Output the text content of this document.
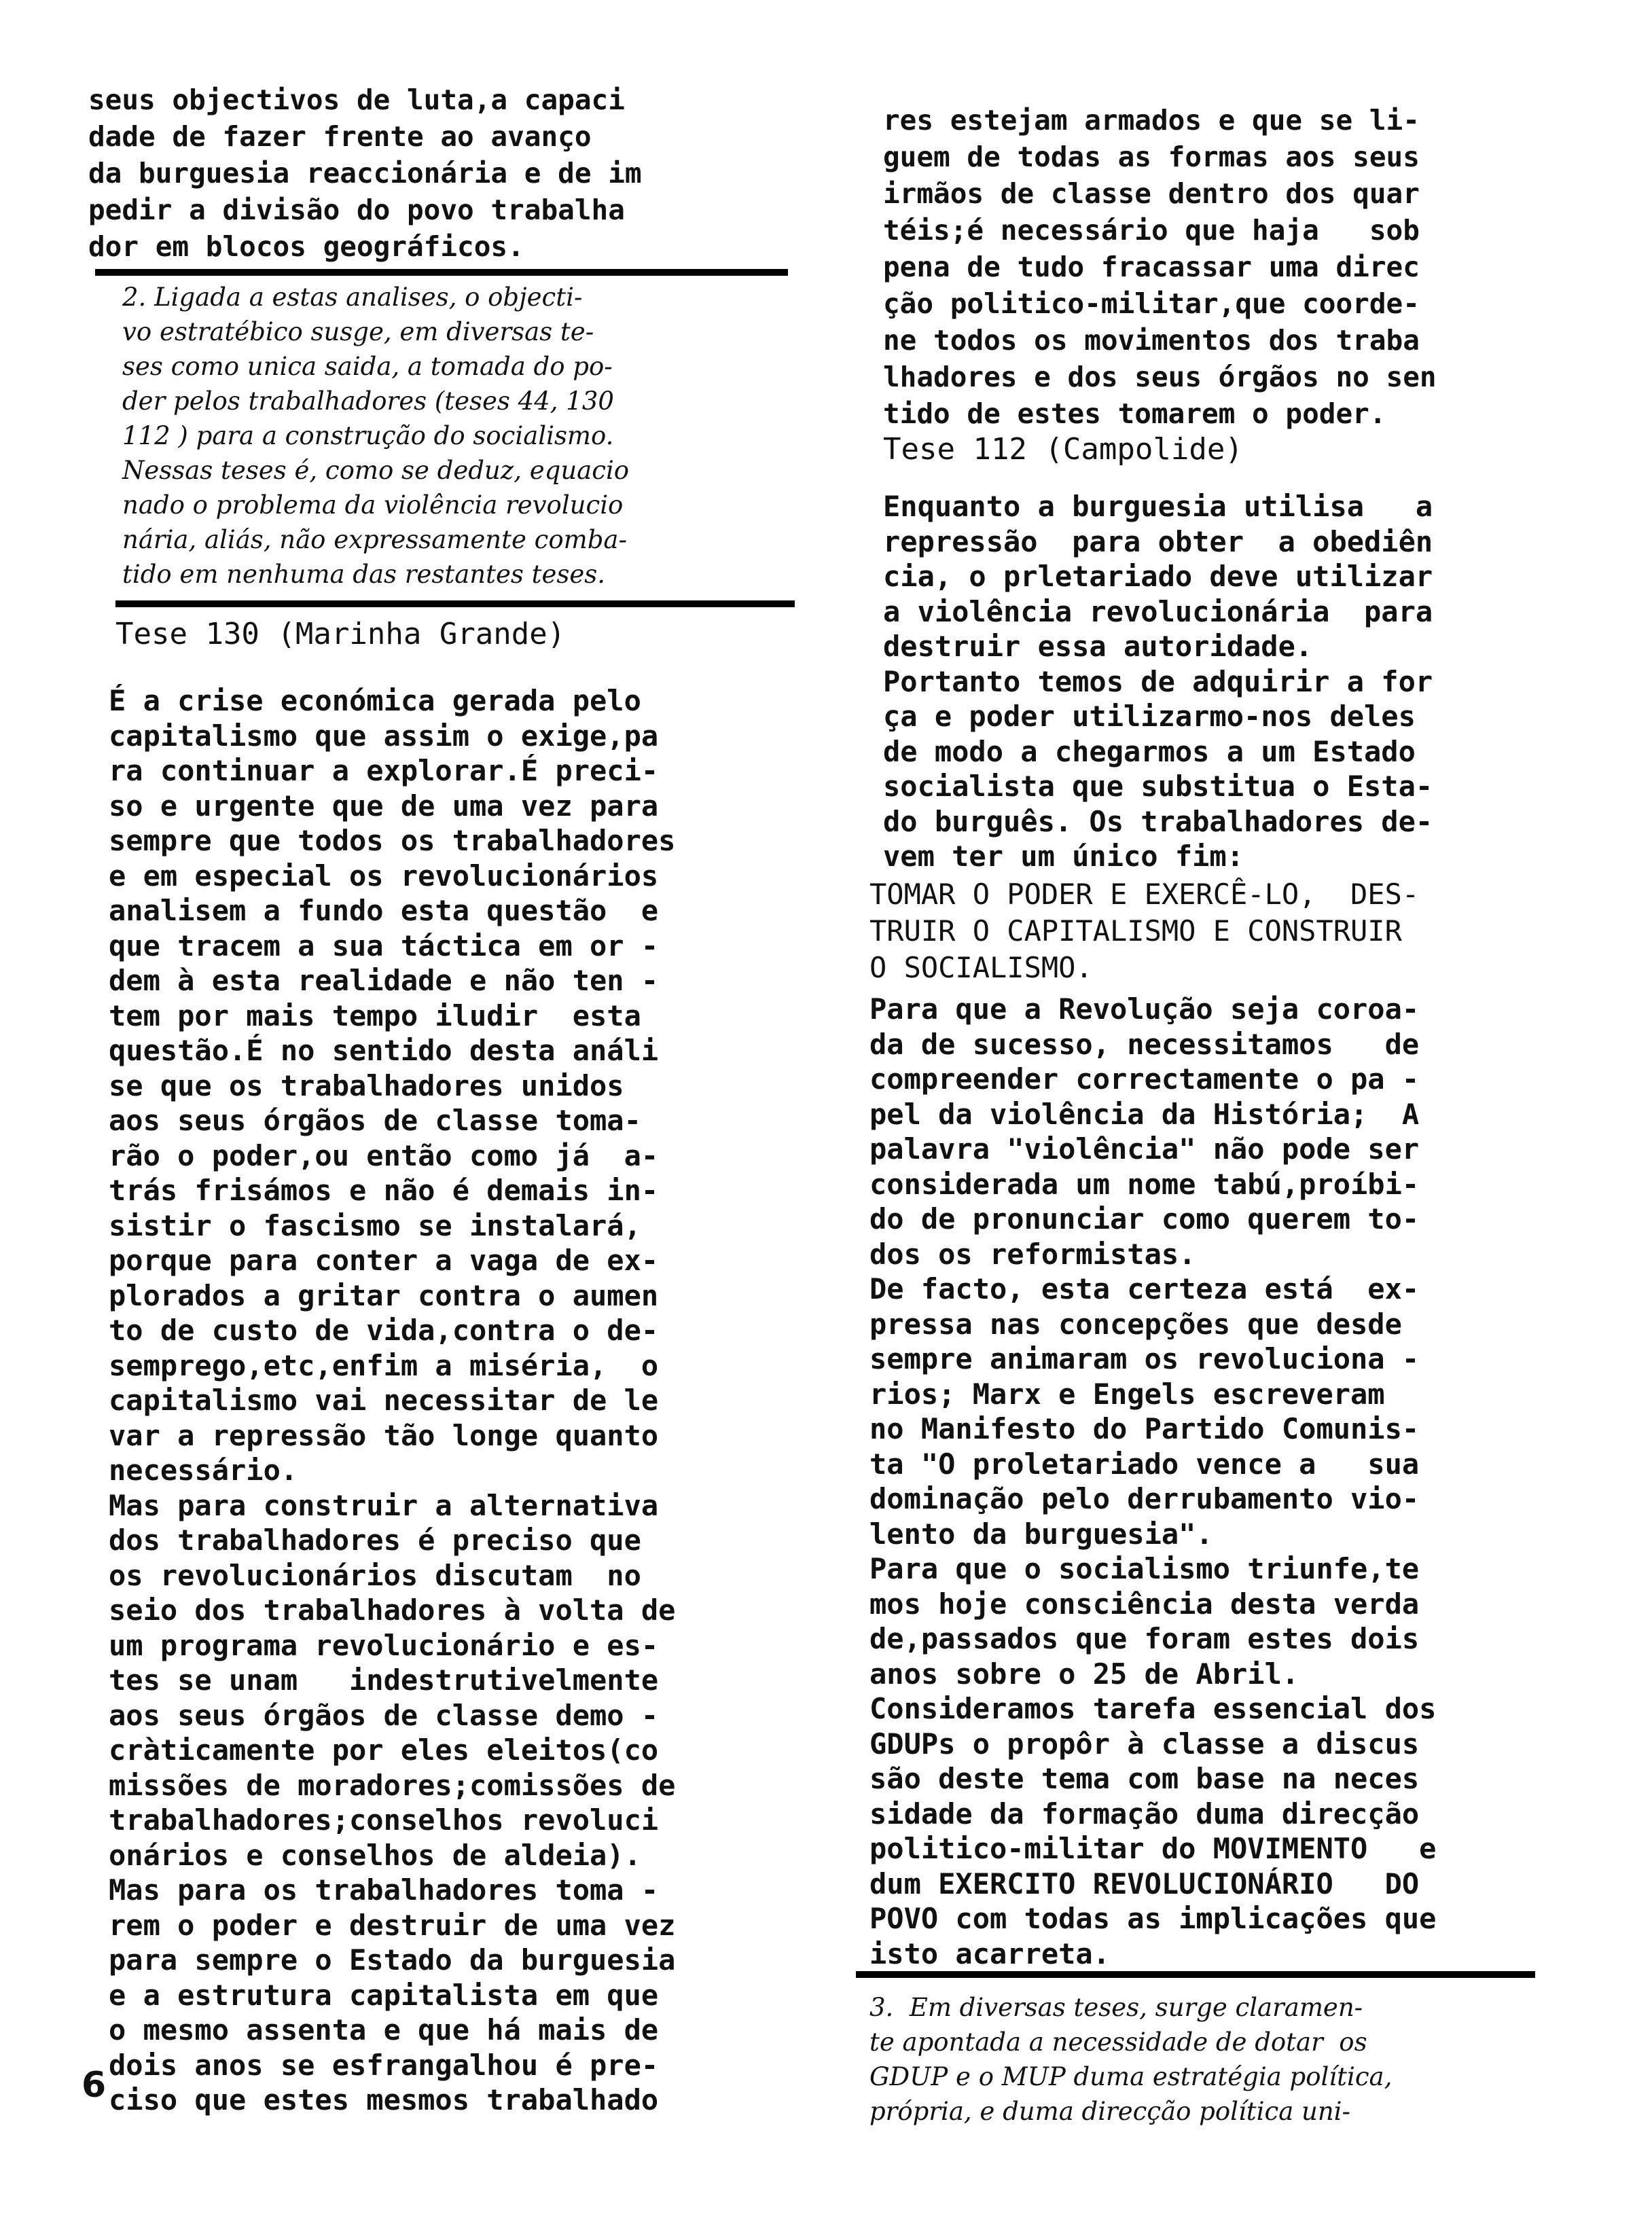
seus objectivos de luta,a capaci
dade de fazer frente ao avanço
da burguesia reaccionária e de im
pedir a divisão do povo trabalha
dor em blocos geográficos.
2. Ligada a estas analises, o objecti-
vo estratébico susge, em diversas te-
ses como unica saida, a tomada do po-
der pelos trabalhadores (teses 44, 130
112 ) para a construção do socialismo.
Nessas teses é, como se deduz, equacio
nado o problema da violência revolucio
nária, aliás, não expressamente comba-
tido em nenhuma das restantes teses.
Tese 130 (Marinha Grande)
É a crise económica gerada pelo
capitalismo que assim o exige,pa
ra continuar a explorar.É preci-
so e urgente que de uma vez para
sempre que todos os trabalhadores
e em especial os revolucionários
analisem a fundo esta questão  e
que tracem a sua táctica em or -
dem à esta realidade e não ten -
tem por mais tempo iludir  esta
questão.É no sentido desta análi
se que os trabalhadores unidos
aos seus órgãos de classe toma-
rão o poder,ou então como já  a-
trás frisámos e não é demais in-
sistir o fascismo se instalará,
porque para conter a vaga de ex-
plorados a gritar contra o aumen
to de custo de vida,contra o de-
semprego,etc,enfim a miséria,  o
capitalismo vai necessitar de le
var a repressão tão longe quanto
necessário.
Mas para construir a alternativa
dos trabalhadores é preciso que
os revolucionários discutam  no
seio dos trabalhadores à volta de
um programa revolucionário e es-
tes se unam   indestrutivelmente
aos seus órgãos de classe demo -
cràticamente por eles eleitos(co
missões de moradores;comissões de
trabalhadores;conselhos revoluci
onários e conselhos de aldeia).
Mas para os trabalhadores toma -
rem o poder e destruir de uma vez
para sempre o Estado da burguesia
e a estrutura capitalista em que
o mesmo assenta e que há mais de
dois anos se esfrangalhou é pre-
ciso que estes mesmos trabalhado
res estejam armados e que se li-
guem de todas as formas aos seus
irmãos de classe dentro dos quar
téis;é necessário que haja   sob
pena de tudo fracassar uma direc
ção politico-militar,que coorde-
ne todos os movimentos dos traba
lhadores e dos seus órgãos no sen
tido de estes tomarem o poder.
Tese 112 (Campolide)
Enquanto a burguesia utilisa   a
repressão  para obter  a obediên
cia, o prletariado deve utilizar
a violência revolucionária  para
destruir essa autoridade.
Portanto temos de adquirir a for
ça e poder utilizarmo-nos deles
de modo a chegarmos a um Estado
socialista que substitua o Esta-
do burguês. Os trabalhadores de-
vem ter um único fim:
TOMAR O PODER E EXERCÊ-LO,  DES-
TRUIR O CAPITALISMO E CONSTRUIR
O SOCIALISMO.
Para que a Revolução seja coroa-
da de sucesso, necessitamos   de
compreender correctamente o pa -
pel da violência da História;  A
palavra "violência" não pode ser
considerada um nome tabú,proíbi-
do de pronunciar como querem to-
dos os reformistas.
De facto, esta certeza está  ex-
pressa nas concepções que desde
sempre animaram os revoluciona -
rios; Marx e Engels escreveram
no Manifesto do Partido Comunis-
ta "O proletariado vence a   sua
dominação pelo derrubamento vio-
lento da burguesia".
Para que o socialismo triunfe,te
mos hoje consciência desta verda
de,passados que foram estes dois
anos sobre o 25 de Abril.
Consideramos tarefa essencial dos
GDUPs o propôr à classe a discus
são deste tema com base na neces
sidade da formação duma direcção
politico-militar do MOVIMENTO   e
dum EXERCITO REVOLUCIONÁRIO   DO
POVO com todas as implicações que
isto acarreta.
3.  Em diversas teses, surge claramen-
te apontada a necessidade de dotar  os
GDUP e o MUP duma estratégia política,
própria, e duma direcção política uni-
6
